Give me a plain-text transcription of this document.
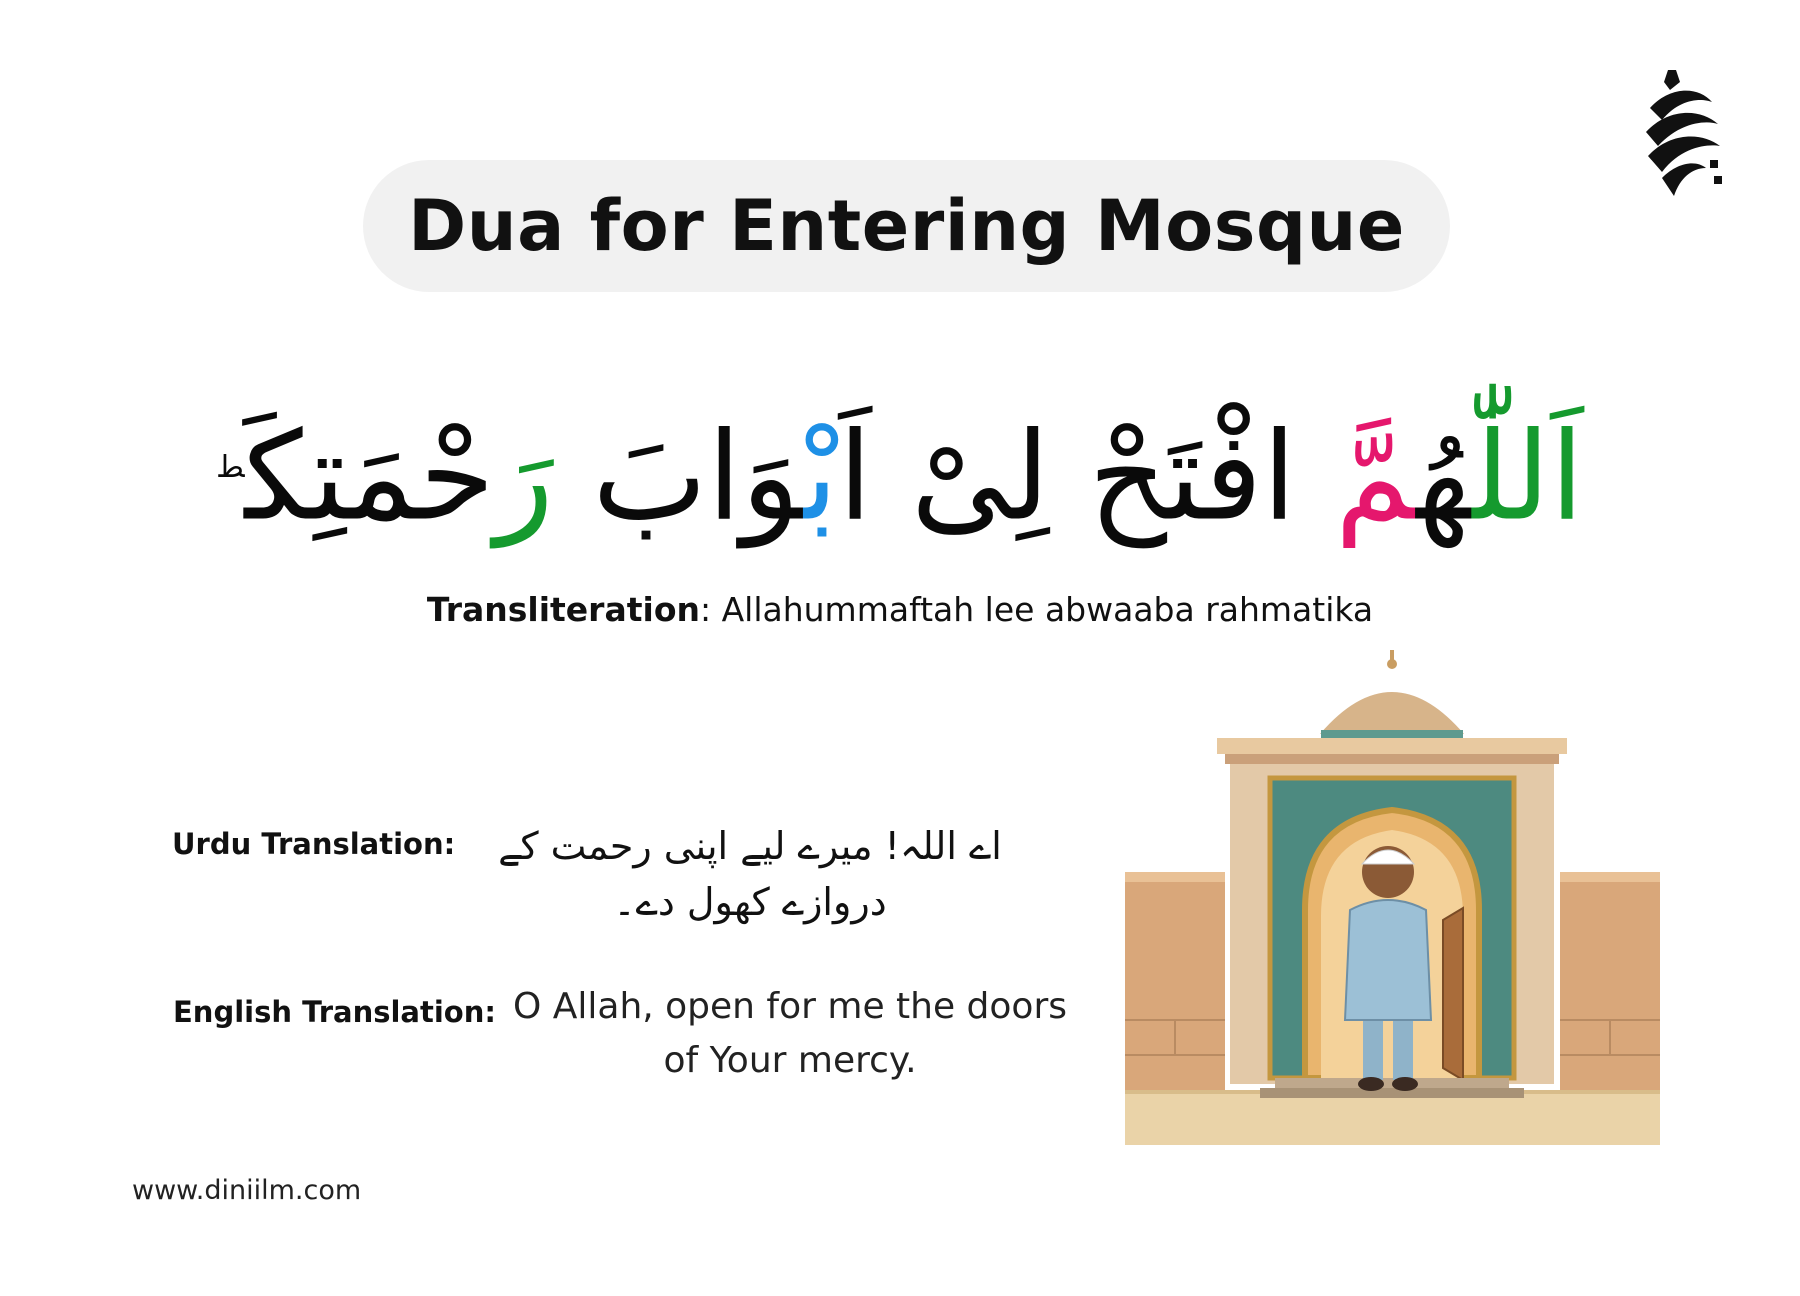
Dua for Entering Mosque
اَللّٰهُمَّ افْتَحْ لِىْ اَبْوَابَ رَحْمَتِكَ$^ط$
Transliteration: Allahummaftah lee abwaaba rahmatika
Urdu Translation:	اے اللہ! میرے لیے اپنی رحمت کے دروازے کھول دے۔
English Translation: O Allah, open for me the doors of Your mercy.
www.diniilm.com
